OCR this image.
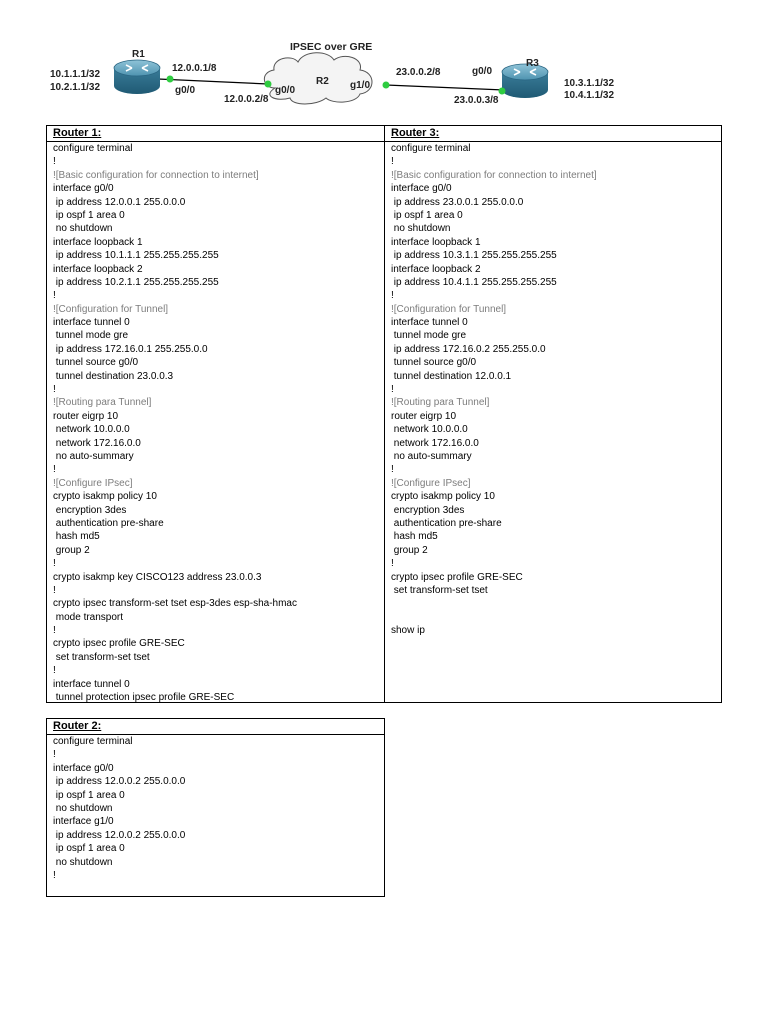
IPSEC over GRE
R1
10.1.1.1/32
10.2.1.1/32
12.0.0.1/8
g0/0
R2
12.0.0.2/8
g0/0	g1/0
23.0.0.2/8
R3
g0/0
23.0.0.3/8
10.3.1.1/32
10.4.1.1/32
Router 1:
configure terminal
!
![Basic configuration for connection to internet]
interface g0/0
ip address 12.0.0.1 255.0.0.0
ip ospf 1 area 0
no shutdown
interface loopback 1
ip address 10.1.1.1 255.255.255.255
interface loopback 2
ip address 10.2.1.1 255.255.255.255
!
![Configuration for Tunnel]
interface tunnel 0
tunnel mode gre
ip address 172.16.0.1 255.255.0.0
tunnel source g0/0
tunnel destination 23.0.0.3
!
![Routing para Tunnel]
router eigrp 10
network 10.0.0.0
network 172.16.0.0
no auto-summary
!
![Configure IPsec]
crypto isakmp policy 10
encryption 3des
authentication pre-share
hash md5
group 2
!
crypto isakmp key CISCO123 address 23.0.0.3
!
crypto ipsec transform-set tset esp-3des esp-sha-hmac
mode transport
!
crypto ipsec profile GRE-SEC
set transform-set tset
!
interface tunnel 0
tunnel protection ipsec profile GRE-SEC
Router 3:
configure terminal
!
![Basic configuration for connection to internet]
interface g0/0
ip address 23.0.0.1 255.0.0.0
ip ospf 1 area 0
no shutdown
interface loopback 1
ip address 10.3.1.1 255.255.255.255
interface loopback 2
ip address 10.4.1.1 255.255.255.255
!
![Configuration for Tunnel]
interface tunnel 0
tunnel mode gre
ip address 172.16.0.2 255.255.0.0
tunnel source g0/0
tunnel destination 12.0.0.1
!
![Routing para Tunnel]
router eigrp 10
network 10.0.0.0
network 172.16.0.0
no auto-summary
!
![Configure IPsec]
crypto isakmp policy 10
encryption 3des
authentication pre-share
hash md5
group 2
!
crypto ipsec profile GRE-SEC
set transform-set tset
show ip
Router 2:
configure terminal
!
interface g0/0
ip address 12.0.0.2 255.0.0.0
ip ospf 1 area 0
no shutdown
interface g1/0
ip address 12.0.0.2 255.0.0.0
ip ospf 1 area 0
no shutdown
!
